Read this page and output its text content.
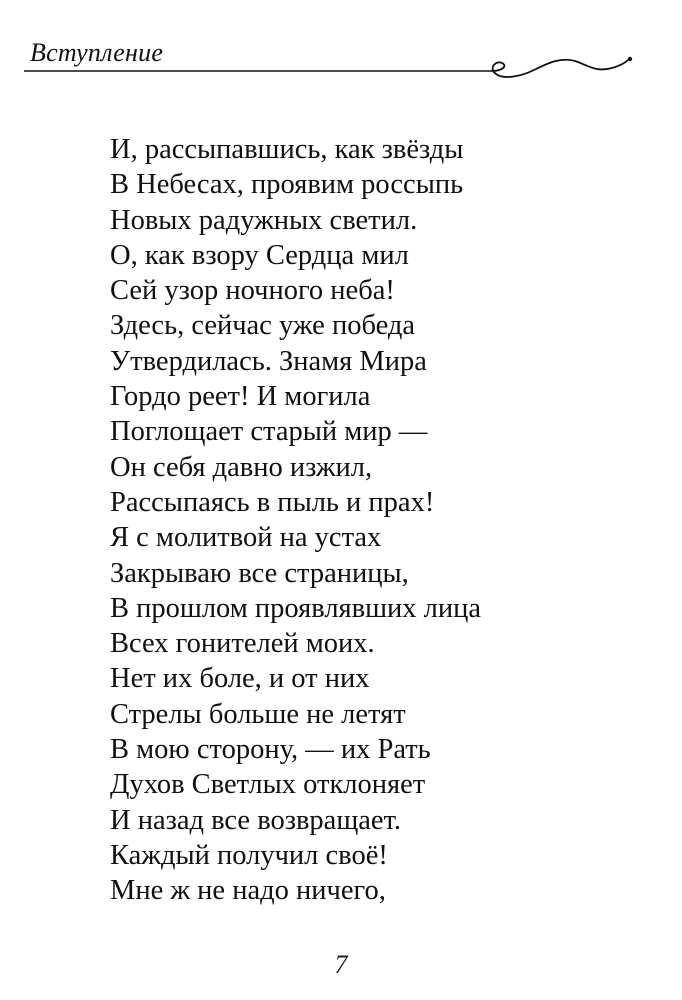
Вступление
И, рассыпавшись, как звёзды
В Небесах, проявим россыпь
Новых радужных светил.
О, как взору Сердца мил
Сей узор ночного неба!
Здесь, сейчас уже победа
Утвердилась. Знамя Мира
Гордо реет! И могила
Поглощает старый мир —
Он себя давно изжил,
Рассыпаясь в пыль и прах!
Я с молитвой на устах
Закрываю все страницы,
В прошлом проявлявших лица
Всех гонителей моих.
Нет их боле, и от них
Стрелы больше не летят
В мою сторону, — их Рать
Духов Светлых отклоняет
И назад все возвращает.
Каждый получил своё!
Мне ж не надо ничего,
7
